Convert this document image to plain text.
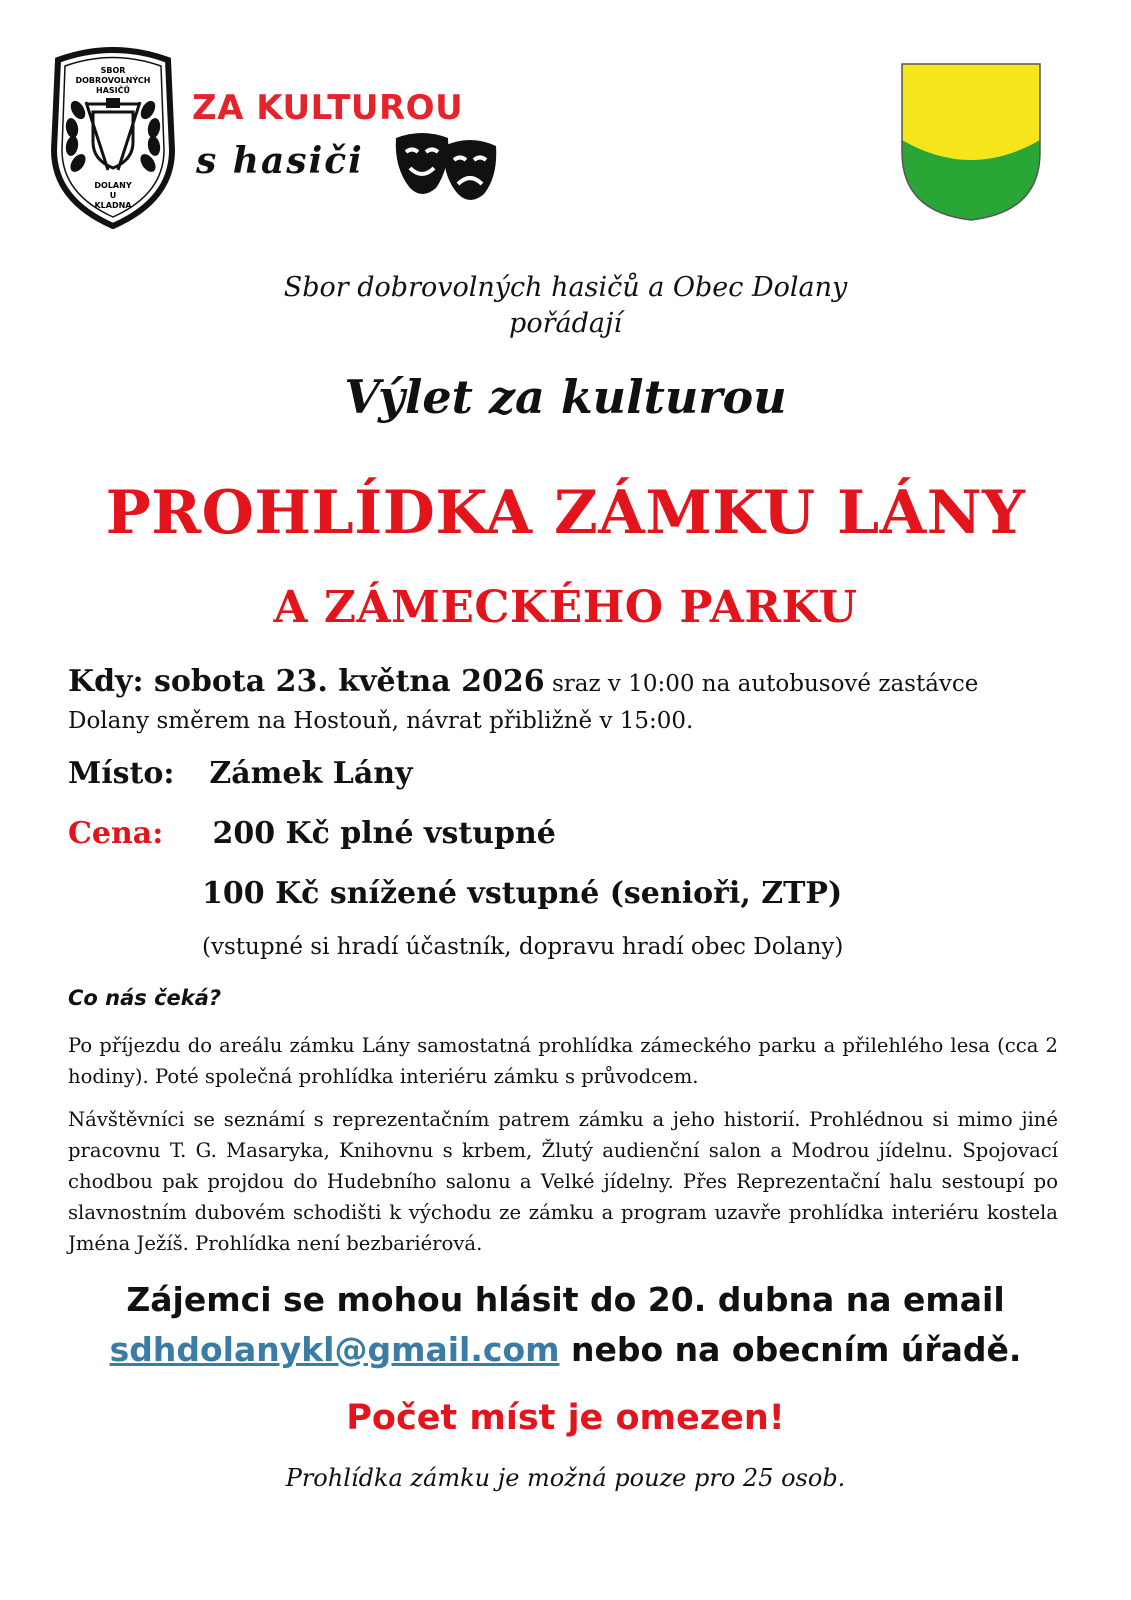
SBOR
DOBROVOLNÝCH
HASIČŮ
DOLANY
U
KLADNA
ZA KULTUROU
s hasiči
Sbor dobrovolných hasičů a Obec Dolany
pořádají
Výlet za kulturou
PROHLÍDKA ZÁMKU LÁNY
A ZÁMECKÉHO PARKU
Kdy: sobota 23. května 2026 sraz v 10:00 na autobusové zastávce
Dolany směrem na Hostouň, návrat přibližně v 15:00.
Místo: Zámek Lány
Cena: 200 Kč plné vstupné
100 Kč snížené vstupné (senioři, ZTP)
(vstupné si hradí účastník, dopravu hradí obec Dolany)
Co nás čeká?
Po příjezdu do areálu zámku Lány samostatná prohlídka zámeckého parku a přilehlého lesa (cca 2 hodiny). Poté společná prohlídka interiéru zámku s průvodcem.
Návštěvníci se seznámí s reprezentačním patrem zámku a jeho historií. Prohlédnou si mimo jiné pracovnu T. G. Masaryka, Knihovnu s krbem, Žlutý audienční salon a Modrou jídelnu. Spojovací chodbou pak projdou do Hudebního salonu a Velké jídelny. Přes Reprezentační halu sestoupí po slavnostním dubovém schodišti k východu ze zámku a program uzavře prohlídka interiéru kostela Jména Ježíš. Prohlídka není bezbariérová.
Zájemci se mohou hlásit do 20. dubna na email
sdhdolanykl@gmail.com nebo na obecním úřadě.
Počet míst je omezen!
Prohlídka zámku je možná pouze pro 25 osob.
